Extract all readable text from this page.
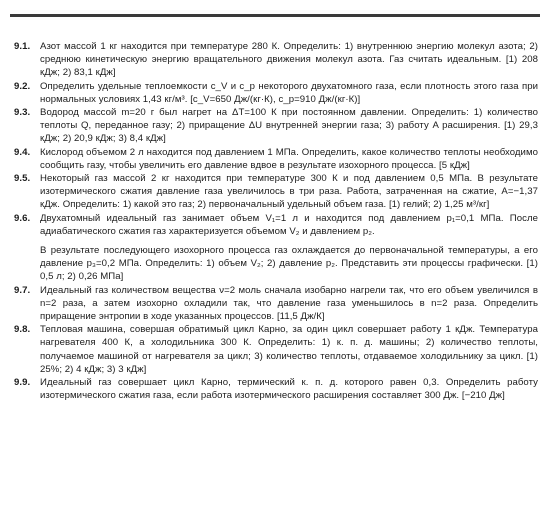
9.1.	Азот массой 1 кг находится при температуре 280 К. Определить: 1) внутреннюю энергию молекул азота; 2) среднюю кинетическую энергию вращательного движения молекул азота. Газ считать идеальным. [1) 208 кДж; 2) 83,1 кДж]

9.2.	Определить удельные теплоемкости c_V и c_p некоторого двухатомного газа, если плотность этого газа при нормальных условиях 1,43 кг/м³. [c_V=650 Дж/(кг·К), c_p=910 Дж/(кг·К)]

9.3.	Водород массой m=20 г был нагрет на ΔT=100 К при постоянном давлении. Определить: 1) количество теплоты Q, переданное газу; 2) приращение ΔU внутренней энергии газа; 3) работу A расширения. [1) 29,3 кДж; 2) 20,9 кДж; 3) 8,4 кДж]

9.4.	Кислород объемом 2 л находится под давлением 1 МПа. Определить, какое количество теплоты необходимо сообщить газу, чтобы увеличить его давление вдвое в результате изохорного процесса. [5 кДж]

9.5.	Некоторый газ массой 2 кг находится при температуре 300 К и под давлением 0,5 МПа. В результате изотермического сжатия давление газа увеличилось в три раза. Работа, затраченная на сжатие, A=−1,37 кДж. Определить: 1) какой это газ; 2) первоначальный удельный объем газа. [1) гелий; 2) 1,25 м³/кг]

9.6.	Двухатомный идеальный газ занимает объем V₁=1 л и находится под давлением p₁=0,1 МПа. После адиабатического сжатия газ характеризуется объемом V₂ и давлением p₂.

В результате последующего изохорного процесса газ охлаждается до первоначальной температуры, а его давление p₃=0,2 МПа. Определить: 1) объем V₂; 2) давление p₂. Представить эти процессы графически. [1) 0,5 л; 2) 0,26 МПа]

9.7.	Идеальный газ количеством вещества ν=2 моль сначала изобарно нагрели так, что его объем увеличился в n=2 раза, а затем изохорно охладили так, что давление газа уменьшилось в n=2 раза. Определить приращение энтропии в ходе указанных процессов. [11,5 Дж/К]

9.8.	Тепловая машина, совершая обратимый цикл Карно, за один цикл совершает работу 1 кДж. Температура нагревателя 400 К, а холодильника 300 К. Определить: 1) к. п. д. машины; 2) количество теплоты, получаемое машиной от нагревателя за цикл; 3) количество теплоты, отдаваемое холодильнику за цикл. [1) 25%; 2) 4 кДж; 3) 3 кДж]

9.9.	Идеальный газ совершает цикл Карно, термический к. п. д. которого равен 0,3. Определить работу изотермического сжатия газа, если работа изотермического расширения составляет 300 Дж. [−210 Дж]
